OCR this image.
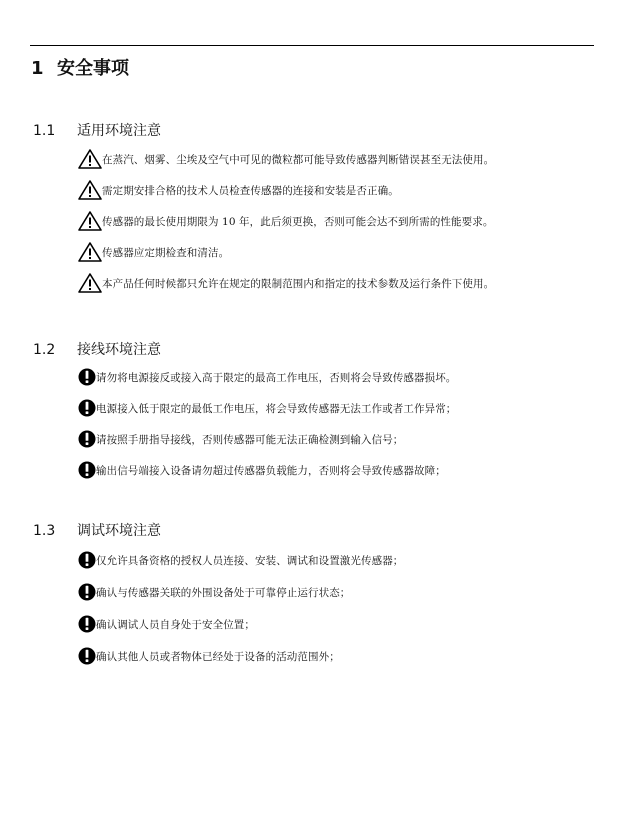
1 安全事项
1.1 适用环境注意
在蒸汽、烟雾、尘埃及空气中可见的微粒都可能导致传感器判断错误甚至无法使用。
需定期安排合格的技术人员检查传感器的连接和安装是否正确。
传感器的最长使用期限为 10 年，此后须更换，否则可能会达不到所需的性能要求。
传感器应定期检查和清洁。
本产品任何时候都只允许在规定的限制范围内和指定的技术参数及运行条件下使用。
1.2 接线环境注意
请勿将电源接反或接入高于限定的最高工作电压，否则将会导致传感器损坏。
电源接入低于限定的最低工作电压，将会导致传感器无法工作或者工作异常；
请按照手册指导接线，否则传感器可能无法正确检测到输入信号；
输出信号端接入设备请勿超过传感器负载能力，否则将会导致传感器故障；
1.3 调试环境注意
仅允许具备资格的授权人员连接、安装、调试和设置激光传感器；
确认与传感器关联的外围设备处于可靠停止运行状态；
确认调试人员自身处于安全位置；
确认其他人员或者物体已经处于设备的活动范围外；
